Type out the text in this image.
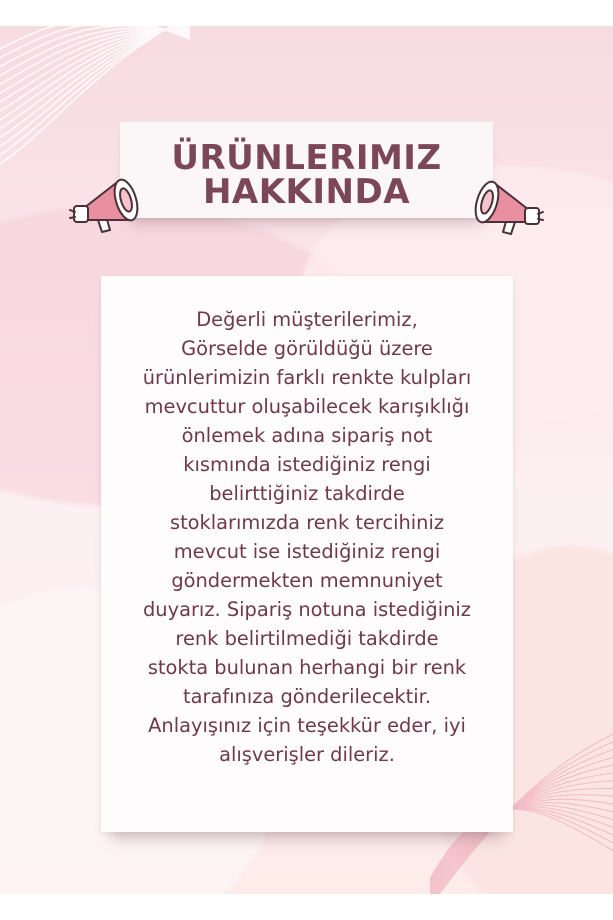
ÜRÜNLERIMIZ
HAKKINDA

Değerli müşterilerimiz,

Görselde görüldüğü üzere

ürünlerimizin farklı renkte kulpları

mevcuttur oluşabilecek karışıklığı

önlemek adına sipariş not

kısmında istediğiniz rengi

belirttiğiniz takdirde

stoklarımızda renk tercihiniz

mevcut ise istediğiniz rengi

göndermekten memnuniyet

duyarız. Sipariş notuna istediğiniz

renk belirtilmediği takdirde

stokta bulunan herhangi bir renk

tarafınıza gönderilecektir.

Anlayışınız için teşekkür eder, iyi

alışverişler dileriz.
